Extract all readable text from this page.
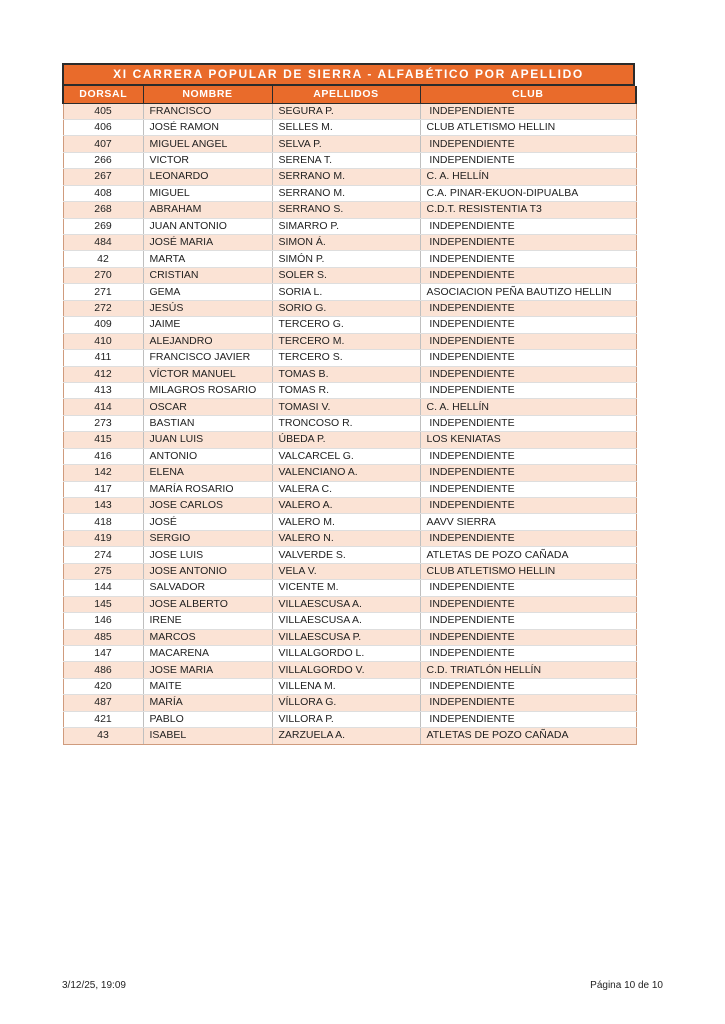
XI CARRERA POPULAR DE SIERRA - ALFABÉTICO POR APELLIDO
DORSAL	NOMBRE	APELLIDOS	CLUB
405	FRANCISCO	SEGURA P.	INDEPENDIENTE
406	JOSÉ RAMON	SELLES M.	CLUB ATLETISMO HELLIN
407	MIGUEL ANGEL	SELVA P.	INDEPENDIENTE
266	VICTOR	SERENA T.	INDEPENDIENTE
267	LEONARDO	SERRANO M.	C. A. HELLÍN
408	MIGUEL	SERRANO M.	C.A. PINAR-EKUON-DIPUALBA
268	ABRAHAM	SERRANO S.	C.D.T. RESISTENTIA T3
269	JUAN ANTONIO	SIMARRO P.	INDEPENDIENTE
484	JOSÉ MARIA	SIMON Á.	INDEPENDIENTE
42	MARTA	SIMÓN P.	INDEPENDIENTE
270	CRISTIAN	SOLER S.	INDEPENDIENTE
271	GEMA	SORIA L.	ASOCIACION PEÑA BAUTIZO HELLIN
272	JESÚS	SORIO G.	INDEPENDIENTE
409	JAIME	TERCERO G.	INDEPENDIENTE
410	ALEJANDRO	TERCERO M.	INDEPENDIENTE
411	FRANCISCO JAVIER	TERCERO S.	INDEPENDIENTE
412	VÍCTOR MANUEL	TOMAS B.	INDEPENDIENTE
413	MILAGROS ROSARIO	TOMAS R.	INDEPENDIENTE
414	OSCAR	TOMASI V.	C. A. HELLÍN
273	BASTIAN	TRONCOSO R.	INDEPENDIENTE
415	JUAN LUIS	ÚBEDA P.	LOS KENIATAS
416	ANTONIO	VALCARCEL G.	INDEPENDIENTE
142	ELENA	VALENCIANO A.	INDEPENDIENTE
417	MARÍA ROSARIO	VALERA C.	INDEPENDIENTE
143	JOSE CARLOS	VALERO A.	INDEPENDIENTE
418	JOSÉ	VALERO M.	AAVV SIERRA
419	SERGIO	VALERO N.	INDEPENDIENTE
274	JOSE LUIS	VALVERDE S.	ATLETAS DE POZO CAÑADA
275	JOSE ANTONIO	VELA V.	CLUB ATLETISMO HELLIN
144	SALVADOR	VICENTE M.	INDEPENDIENTE
145	JOSE ALBERTO	VILLAESCUSA A.	INDEPENDIENTE
146	IRENE	VILLAESCUSA A.	INDEPENDIENTE
485	MARCOS	VILLAESCUSA P.	INDEPENDIENTE
147	MACARENA	VILLALGORDO L.	INDEPENDIENTE
486	JOSE MARIA	VILLALGORDO V.	C.D. TRIATLÓN HELLÍN
420	MAITE	VILLENA M.	INDEPENDIENTE
487	MARÍA	VÍLLORA G.	INDEPENDIENTE
421	PABLO	VILLORA P.	INDEPENDIENTE
43	ISABEL	ZARZUELA A.	ATLETAS DE POZO CAÑADA
3/12/25, 19:09	Página 10 de 10
